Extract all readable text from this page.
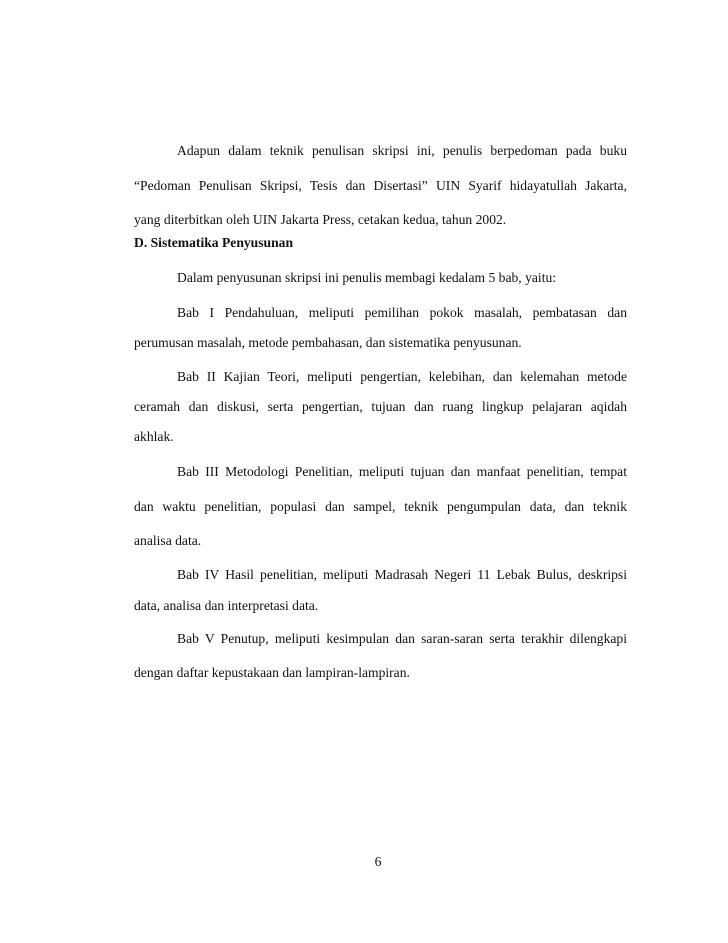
Adapun dalam teknik penulisan skripsi ini, penulis berpedoman pada buku
“Pedoman Penulisan Skripsi, Tesis dan Disertasi” UIN Syarif hidayatullah Jakarta,
yang diterbitkan oleh UIN Jakarta Press, cetakan kedua, tahun 2002.
D. Sistematika Penyusunan
Dalam penyusunan skripsi ini penulis membagi kedalam 5 bab, yaitu:
Bab I Pendahuluan, meliputi pemilihan pokok masalah, pembatasan dan
perumusan masalah, metode pembahasan, dan sistematika penyusunan.
Bab II Kajian Teori, meliputi pengertian, kelebihan, dan kelemahan metode
ceramah dan diskusi, serta pengertian, tujuan dan ruang lingkup pelajaran aqidah
akhlak.
Bab III Metodologi Penelitian, meliputi tujuan dan manfaat penelitian, tempat
dan waktu penelitian, populasi dan sampel, teknik pengumpulan data, dan teknik
analisa data.
Bab IV Hasil penelitian, meliputi Madrasah Negeri 11 Lebak Bulus, deskripsi
data, analisa dan interpretasi data.
Bab V Penutup, meliputi kesimpulan dan saran-saran serta terakhir dilengkapi
dengan daftar kepustakaan dan lampiran-lampiran.
6
